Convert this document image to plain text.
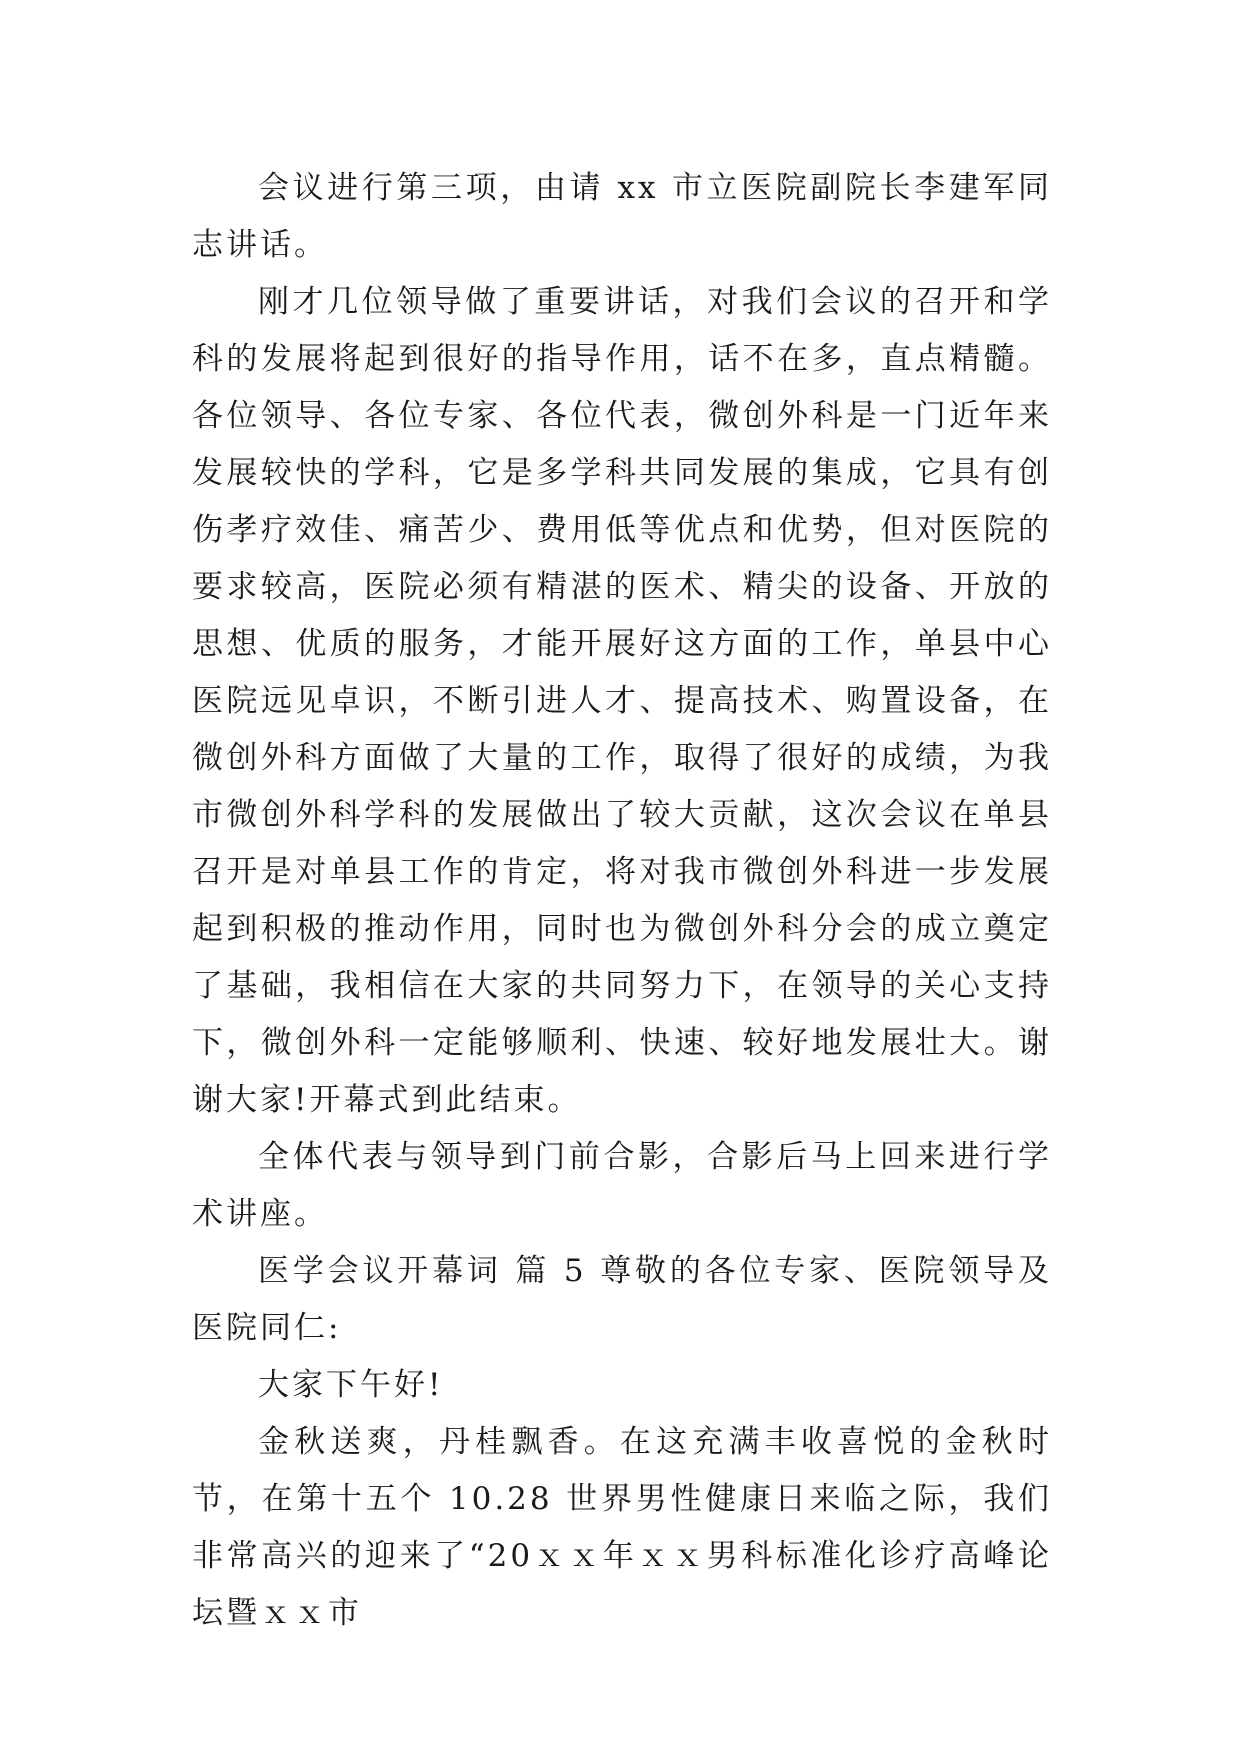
会议进行第三项，由请 xx 市立医院副院长李建军同志讲话。

刚才几位领导做了重要讲话，对我们会议的召开和学科的发展将起到很好的指导作用，话不在多，直点精髓。各位领导、各位专家、各位代表，微创外科是一门近年来发展较快的学科，它是多学科共同发展的集成，它具有创伤孝疗效佳、痛苦少、费用低等优点和优势，但对医院的要求较高，医院必须有精湛的医术、精尖的设备、开放的思想、优质的服务，才能开展好这方面的工作，单县中心医院远见卓识，不断引进人才、提高技术、购置设备，在微创外科方面做了大量的工作，取得了很好的成绩，为我市微创外科学科的发展做出了较大贡献，这次会议在单县召开是对单县工作的肯定，将对我市微创外科进一步发展起到积极的推动作用，同时也为微创外科分会的成立奠定了基础，我相信在大家的共同努力下，在领导的关心支持下，微创外科一定能够顺利、快速、较好地发展壮大。谢谢大家!开幕式到此结束。

全体代表与领导到门前合影，合影后马上回来进行学术讲座。

医学会议开幕词 篇 5 尊敬的各位专家、医院领导及医院同仁:

大家下午好!

金秋送爽，丹桂飘香。在这充满丰收喜悦的金秋时节，在第十五个 10.28 世界男性健康日来临之际，我们非常高兴的迎来了“20ｘｘ年ｘｘ男科标准化诊疗高峰论坛暨ｘｘ市
